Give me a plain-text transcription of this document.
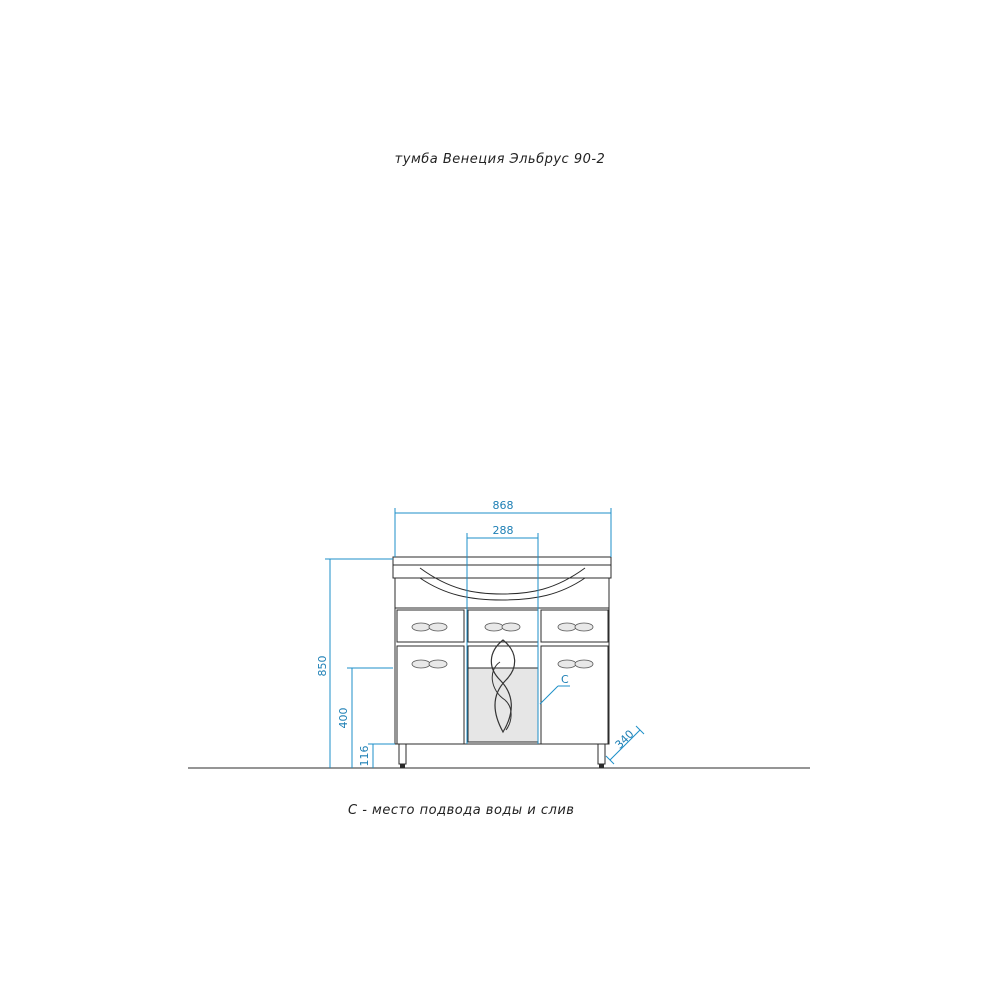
тумба Венеция Эльбрус 90-2
868
288
850
400
116
340
C
С - место подвода воды и слив
